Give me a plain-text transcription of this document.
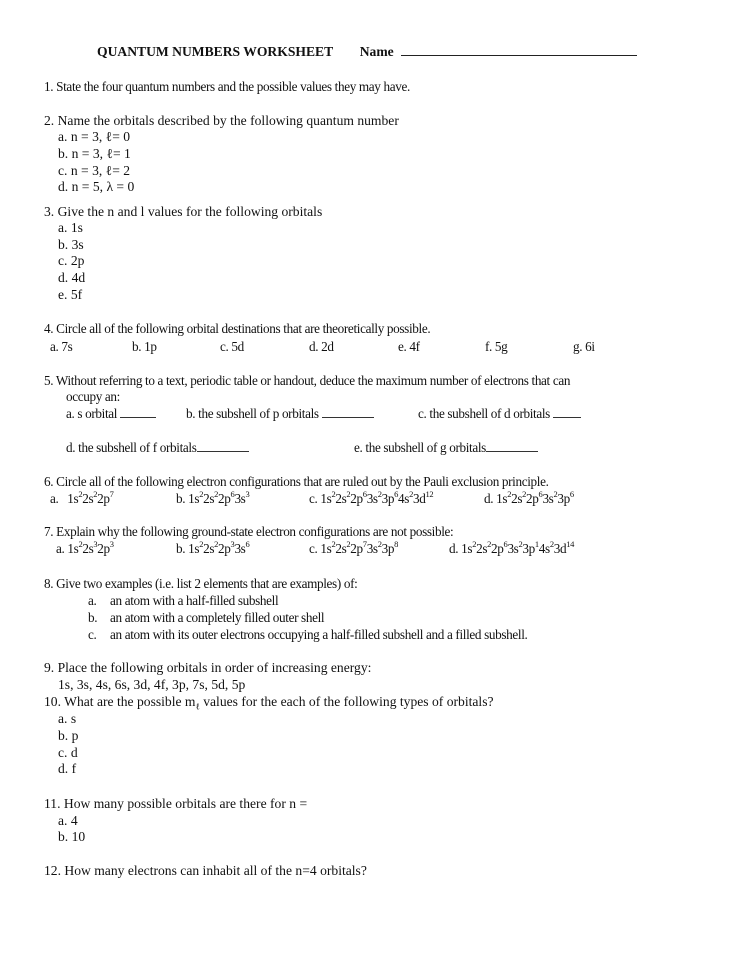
QUANTUM NUMBERS WORKSHEET Name
1. State the four quantum numbers and the possible values they may have.
2. Name the orbitals described by the following quantum number
a. n = 3, ℓ= 0
b. n = 3, ℓ= 1
c. n = 3, ℓ= 2
d. n = 5, λ = 0
3. Give the n and l values for the following orbitals
a. 1s
b. 3s
c. 2p
d. 4d
e. 5f
4. Circle all of the following orbital destinations that are theoretically possible.
a. 7s	b. 1p	c. 5d	d. 2d	e. 4f	f. 5g	g. 6i
5. Without referring to a text, periodic table or handout, deduce the maximum number of electrons that can
occupy an:
a. s orbital	b. the subshell of p orbitals	c. the subshell of d orbitals
d. the subshell of f orbitals	e. the subshell of g orbitals
6. Circle all of the following electron configurations that are ruled out by the Pauli exclusion principle.
a. $1s^22s^22p^7$	b. $1s^22s^22p^63s^3$	c. $1s^22s^22p^63s^23p^64s^23d^{12}$	d. $1s^22s^22p^63s^23p^6$
7. Explain why the following ground-state electron configurations are not possible:
a. $1s^22s^32p^3$	b. $1s^22s^22p^33s^6$	c. $1s^22s^22p^73s^23p^8$	d. $1s^22s^22p^63s^23p^14s^23d^{14}$
8. Give two examples (i.e. list 2 elements that are examples) of:
a. an atom with a half-filled subshell
b. an atom with a completely filled outer shell
c. an atom with its outer electrons occupying a half-filled subshell and a filled subshell.
9. Place the following orbitals in order of increasing energy:
1s, 3s, 4s, 6s, 3d, 4f, 3p, 7s, 5d, 5p
10. What are the possible $m_\ell$ values for the each of the following types of orbitals?
a. s
b. p
c. d
d. f
11. How many possible orbitals are there for n =
a. 4
b. 10
12. How many electrons can inhabit all of the n=4 orbitals?
